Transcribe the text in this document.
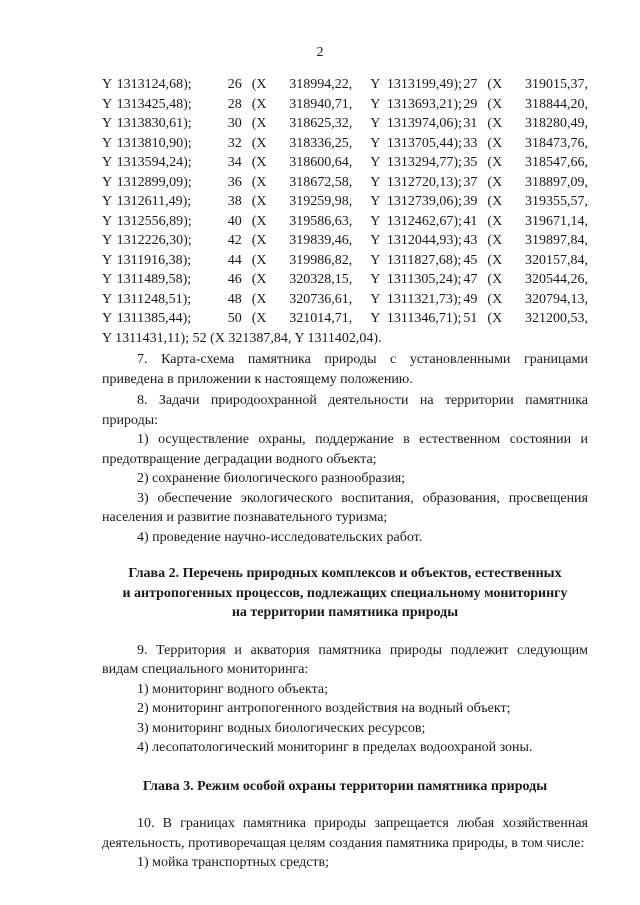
2
Y	1313124,68);	26	(X	318994,22,	Y 1313199,49);	27	(X	319015,37,
Y	1313425,48);	28	(X	318940,71,	Y 1313693,21);	29	(X	318844,20,
Y	1313830,61);	30	(X	318625,32,	Y 1313974,06);	31	(X	318280,49,
Y	1313810,90);	32	(X	318336,25,	Y 1313705,44);	33	(X	318473,76,
Y	1313594,24);	34	(X	318600,64,	Y 1313294,77);	35	(X	318547,66,
Y	1312899,09);	36	(X	318672,58,	Y 1312720,13);	37	(X	318897,09,
Y	1312611,49);	38	(X	319259,98,	Y 1312739,06);	39	(X	319355,57,
Y	1312556,89);	40	(X	319586,63,	Y 1312462,67);	41	(X	319671,14,
Y	1312226,30);	42	(X	319839,46,	Y 1312044,93);	43	(X	319897,84,
Y	1311916,38);	44	(X	319986,82,	Y 1311827,68);	45	(X	320157,84,
Y	1311489,58);	46	(X	320328,15,	Y 1311305,24);	47	(X	320544,26,
Y	1311248,51);	48	(X	320736,61,	Y 1311321,73);	49	(X	320794,13,
Y	1311385,44);	50	(X	321014,71,	Y 1311346,71);	51	(X	321200,53,
Y 1311431,11); 52 (X 321387,84, Y 1311402,04).

7. Карта-схема памятника природы с установленными границами приведена в приложении к настоящему положению.

8. Задачи природоохранной деятельности на территории памятника природы:

1) осуществление охраны, поддержание в естественном состоянии и предотвращение деградации водного объекта;

2) сохранение биологического разнообразия;

3) обеспечение экологического воспитания, образования, просвещения населения и развитие познавательного туризма;

4) проведение научно-исследовательских работ.

Глава 2. Перечень природных комплексов и объектов, естественных
и антропогенных процессов, подлежащих специальному мониторингу
на территории памятника природы

9. Территория и акватория памятника природы подлежит следующим видам специального мониторинга:

1) мониторинг водного объекта;

2) мониторинг антропогенного воздействия на водный объект;

3) мониторинг водных биологических ресурсов;

4) лесопатологический мониторинг в пределах водоохраной зоны.

Глава 3. Режим особой охраны территории памятника природы

10. В границах памятника природы запрещается любая хозяйственная деятельность, противоречащая целям создания памятника природы, в том числе:

1) мойка транспортных средств;
